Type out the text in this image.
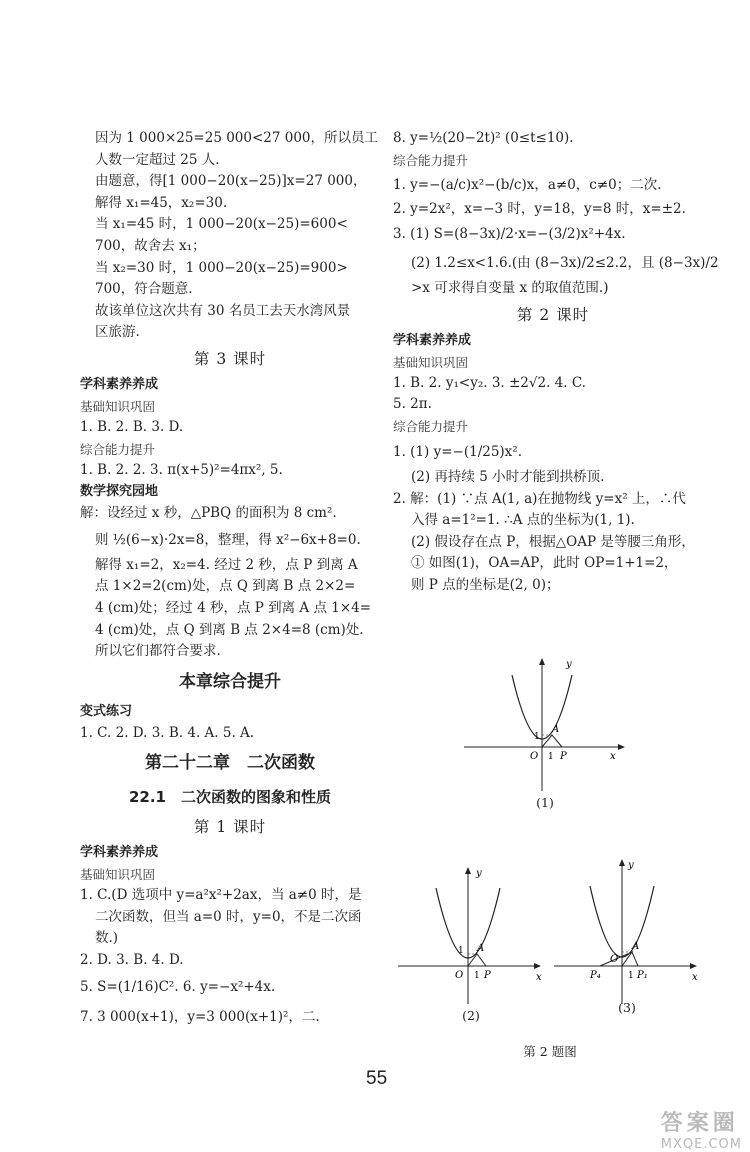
因为 1 000×25=25 000<27 000，所以员工
人数一定超过 25 人.
由题意，得[1 000−20(x−25)]x=27 000，
解得 x₁=45，x₂=30.
当 x₁=45 时，1 000−20(x−25)=600<
700，故舍去 x₁；
当 x₂=30 时，1 000−20(x−25)=900>
700，符合题意.
故该单位这次共有 30 名员工去天水湾风景
区旅游.
第 3 课时
学科素养养成
基础知识巩固
1. B. 2. B. 3. D.
综合能力提升
1. B. 2. 2. 3. π(x+5)²=4πx², 5.
数学探究园地
解：设经过 x 秒，△PBQ 的面积为 8 cm².
则 ½(6−x)·2x=8，整理，得 x²−6x+8=0.
解得 x₁=2，x₂=4. 经过 2 秒，点 P 到离 A
点 1×2=2(cm)处，点 Q 到离 B 点 2×2=
4 (cm)处；经过 4 秒，点 P 到离 A 点 1×4=
4 (cm)处，点 Q 到离 B 点 2×4=8 (cm)处.
所以它们都符合要求.
本章综合提升
变式练习
1. C. 2. D. 3. B. 4. A. 5. A.
第二十二章　二次函数
22.1　二次函数的图象和性质
第 1 课时
学科素养养成
基础知识巩固
1. C.(D 选项中 y=a²x²+2ax，当 a≠0 时，是
二次函数，但当 a=0 时，y=0，不是二次函
数.)
2. D. 3. B. 4. D.
5. S=(1/16)C². 6. y=−x²+4x.
7. 3 000(x+1)，y=3 000(x+1)²，二.
8. y=½(20−2t)² (0≤t≤10).
综合能力提升
1. y=−(a/c)x²−(b/c)x，a≠0，c≠0；二次.
2. y=2x²，x=−3 时，y=18，y=8 时，x=±2.
3. (1) S=(8−3x)/2·x=−(3/2)x²+4x.
(2) 1.2≤x<1.6.(由 (8−3x)/2≤2.2，且 (8−3x)/2
>x 可求得自变量 x 的取值范围.)
第 2 课时
学科素养养成
基础知识巩固
1. B. 2. y₁<y₂. 3. ±2√2. 4. C.
5. 2π.
综合能力提升
1. (1) y=−(1/25)x².
(2) 再持续 5 小时才能到拱桥顶.
2. 解：(1) ∵点 A(1, a)在抛物线 y=x² 上，∴代
入得 a=1²=1. ∴A 点的坐标为(1, 1).
(2) 假设存在点 P，根据△OAP 是等腰三角形，
① 如图(1)，OA=AP，此时 OP=1+1=2，
则 P 点的坐标是(2, 0)；
y
x
O 1
1
A
P
(1)
y
x
O 1
1 A
P
(2)
y
x
O
1
A
P₄	P₁
(3)
第 2 题图
55
答案圈
MXQE.COM
